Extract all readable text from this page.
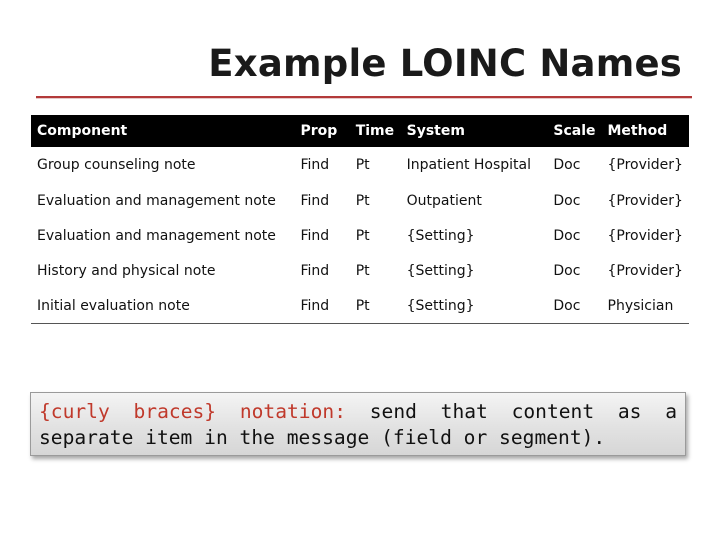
Example LOINC Names
Component	Prop	Time	System	Scale	Method
Group counseling note	Find	Pt	Inpatient Hospital	Doc	{Provider}
Evaluation and management note	Find	Pt	Outpatient	Doc	{Provider}
Evaluation and management note	Find	Pt	{Setting}	Doc	{Provider}
History and physical note	Find	Pt	{Setting}	Doc	{Provider}
Initial evaluation note	Find	Pt	{Setting}	Doc	Physician
{curly braces} notation: send that content as a separate item in the message (field or segment).
